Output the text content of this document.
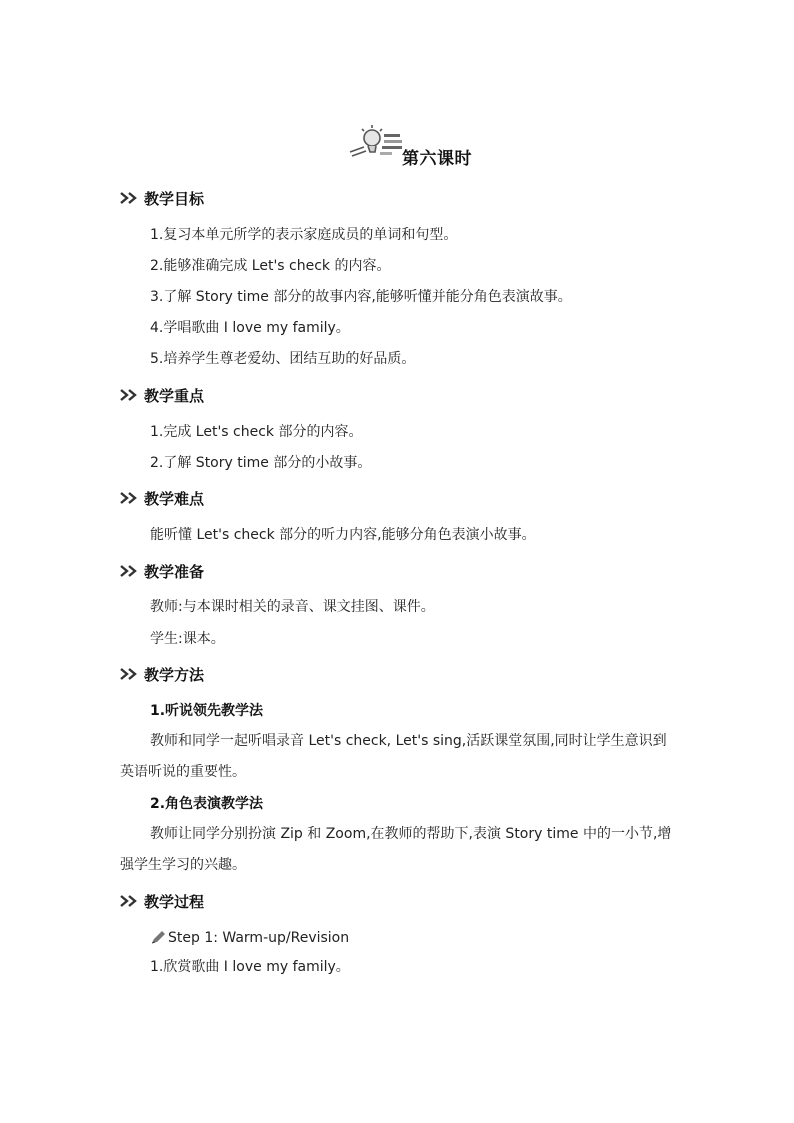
第六课时
教学目标
1.复习本单元所学的表示家庭成员的单词和句型。
2.能够准确完成 Let's check 的内容。
3.了解 Story time 部分的故事内容,能够听懂并能分角色表演故事。
4.学唱歌曲 I love my family。
5.培养学生尊老爱幼、团结互助的好品质。
教学重点
1.完成 Let's check 部分的内容。
2.了解 Story time 部分的小故事。
教学难点
能听懂 Let's check 部分的听力内容,能够分角色表演小故事。
教学准备
教师:与本课时相关的录音、课文挂图、课件。
学生:课本。
教学方法
1.听说领先教学法
教师和同学一起听唱录音 Let's check, Let's sing,活跃课堂氛围,同时让学生意识到英语听说的重要性。
2.角色表演教学法
教师让同学分别扮演 Zip 和 Zoom,在教师的帮助下,表演 Story time 中的一小节,增强学生学习的兴趣。
教学过程
Step 1: Warm-up/Revision
1.欣赏歌曲 I love my family。
